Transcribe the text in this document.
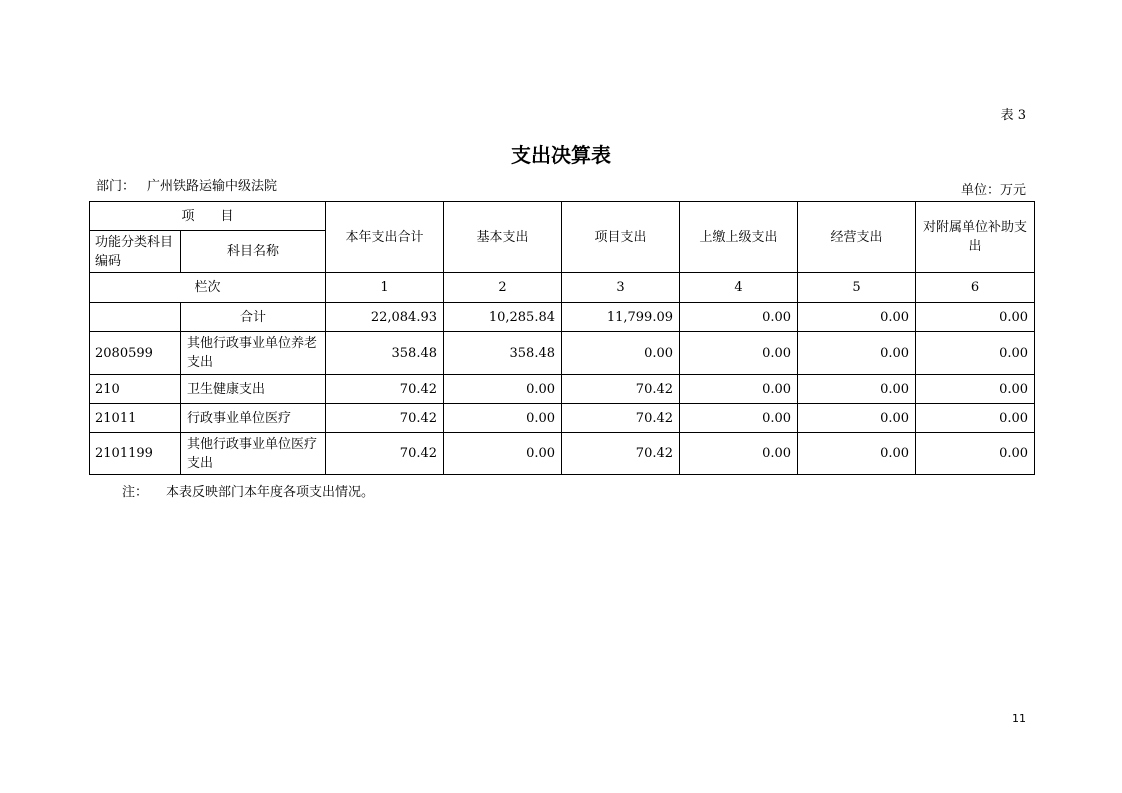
表 3
支出决算表
部门： 广州铁路运输中级法院	单位：万元
项　　目		本年支出合计	基本支出	项目支出	上缴上级支出	经营支出	对附属单位补助支出
功能分类科目编码	科目名称						
栏次		1	2	3	4	5	6
	合计	22,084.93	10,285.84	11,799.09	0.00	0.00	0.00
2080599	其他行政事业单位养老支出	358.48	358.48	0.00	0.00	0.00	0.00
210	卫生健康支出	70.42	0.00	70.42	0.00	0.00	0.00
21011	行政事业单位医疗	70.42	0.00	70.42	0.00	0.00	0.00
2101199	其他行政事业单位医疗支出	70.42	0.00	70.42	0.00	0.00	0.00
注： 本表反映部门本年度各项支出情况。
11
